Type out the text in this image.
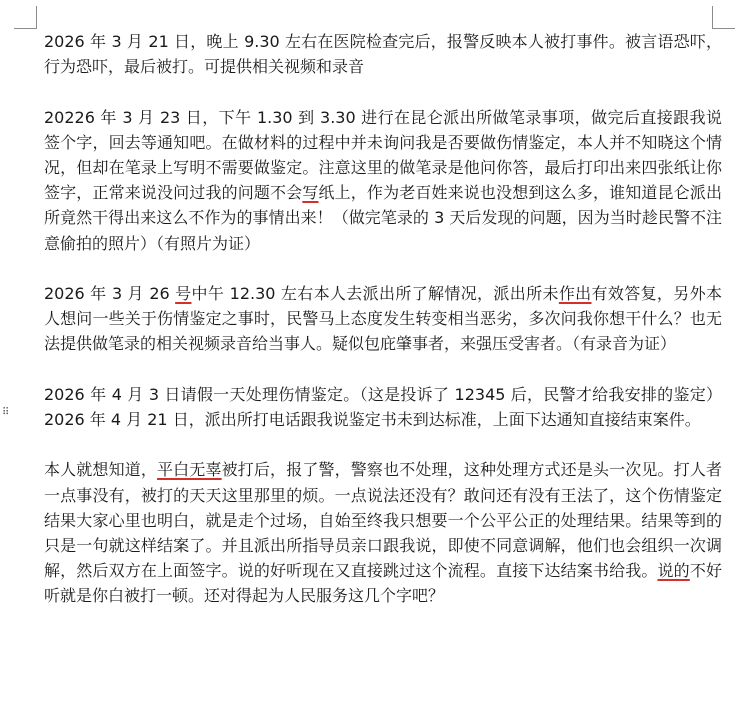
⠿

2026 年 3 月 21 日，晚上 9.30 左右在医院检查完后，报警反映本人被打事件。被言语恐吓，行为恐吓，最后被打。可提供相关视频和录音

20226 年 3 月 23 日，下午 1.30 到 3.30 进行在昆仑派出所做笔录事项，做完后直接跟我说签个字，回去等通知吧。在做材料的过程中并未询问我是否要做伤情鉴定，本人并不知晓这个情况，但却在笔录上写明不需要做鉴定。注意这里的做笔录是他问你答，最后打印出来四张纸让你签字，正常来说没问过我的问题不会写纸上，作为老百姓来说也没想到这么多，谁知道昆仑派出所竟然干得出来这么不作为的事情出来！（做完笔录的 3 天后发现的问题，因为当时趁民警不注意偷拍的照片）（有照片为证）

2026 年 3 月 26 号中午 12.30 左右本人去派出所了解情况，派出所未作出有效答复，另外本人想问一些关于伤情鉴定之事时，民警马上态度发生转变相当恶劣，多次问我你想干什么？也无法提供做笔录的相关视频录音给当事人。疑似包庇肇事者，来强压受害者。（有录音为证）

2026 年 4 月 3 日请假一天处理伤情鉴定。（这是投诉了 12345 后，民警才给我安排的鉴定）2026 年 4 月 21 日，派出所打电话跟我说鉴定书未到达标准，上面下达通知直接结束案件。

本人就想知道，平白无辜被打后，报了警，警察也不处理，这种处理方式还是头一次见。打人者一点事没有，被打的天天这里那里的烦。一点说法还没有？敢问还有没有王法了，这个伤情鉴定结果大家心里也明白，就是走个过场，自始至终我只想要一个公平公正的处理结果。结果等到的只是一句就这样结案了。并且派出所指导员亲口跟我说，即使不同意调解，他们也会组织一次调解，然后双方在上面签字。说的好听现在又直接跳过这个流程。直接下达结案书给我。说的不好听就是你白被打一顿。还对得起为人民服务这几个字吧？
